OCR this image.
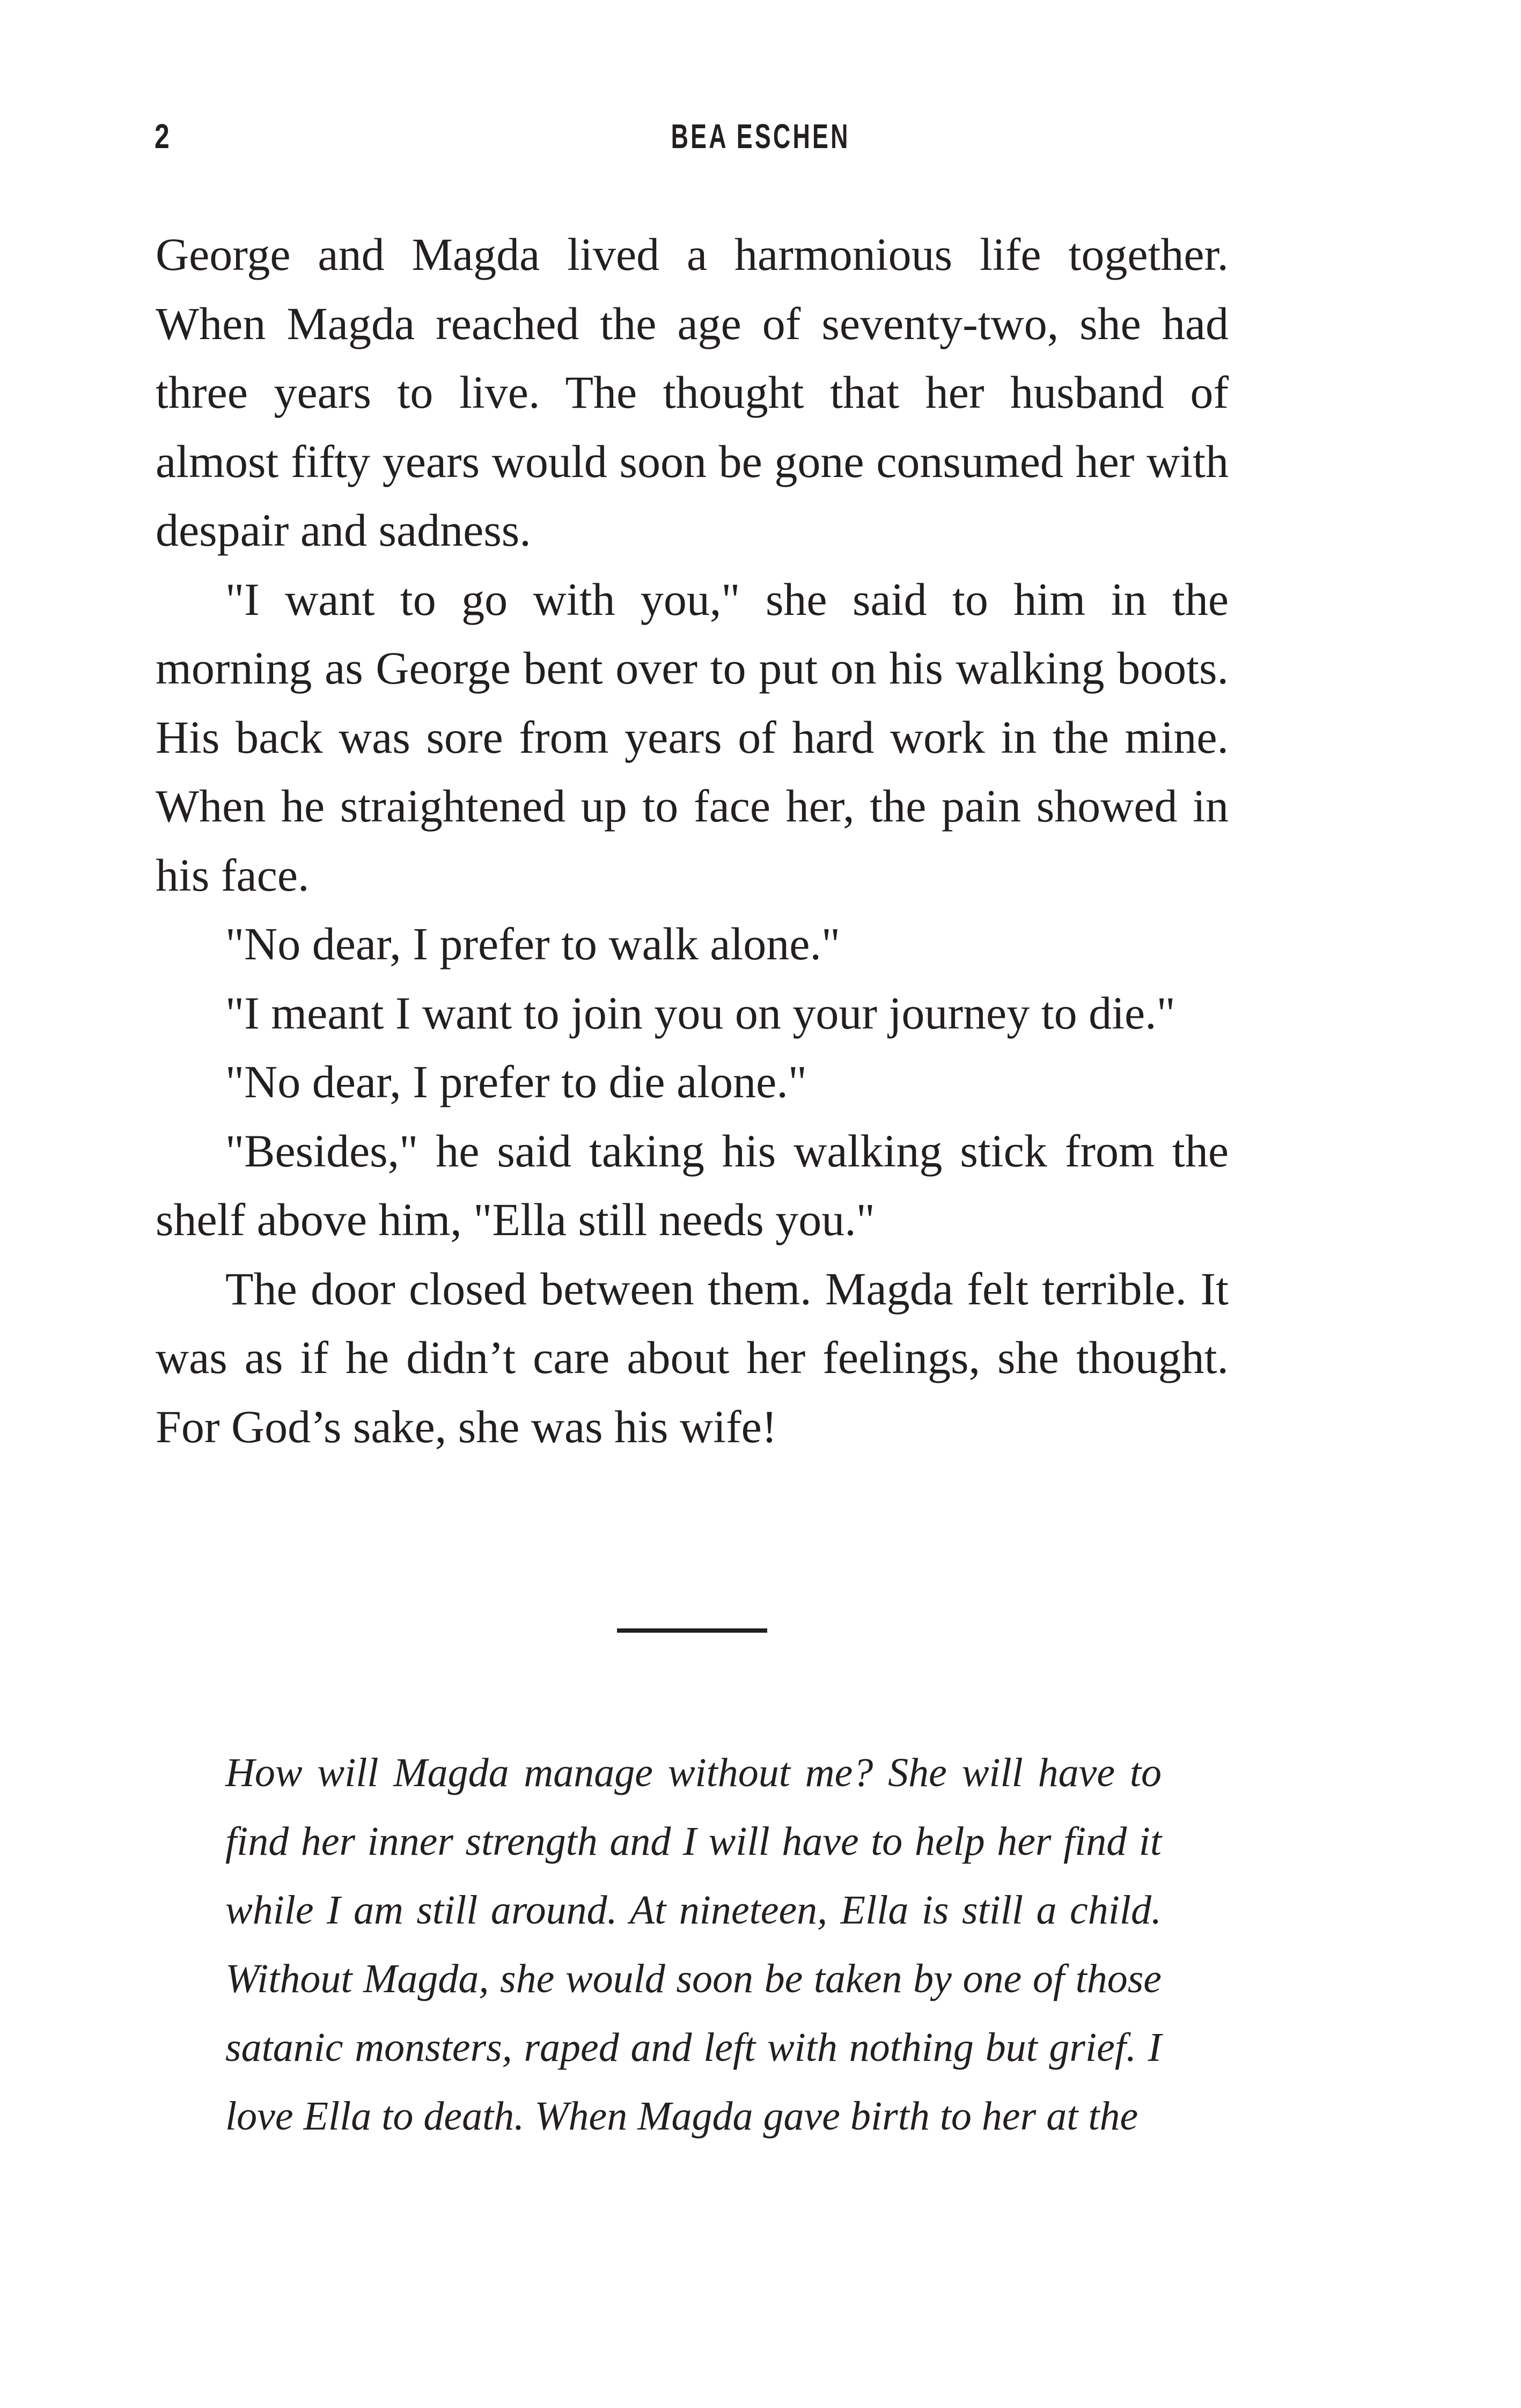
2	BEA ESCHEN

George and Magda lived a harmonious life together. When Magda reached the age of seventy-two, she had three years to live. The thought that her husband of almost fifty years would soon be gone consumed her with despair and sadness.

"I want to go with you," she said to him in the morning as George bent over to put on his walking boots. His back was sore from years of hard work in the mine. When he straightened up to face her, the pain showed in his face.

"No dear, I prefer to walk alone."

"I meant I want to join you on your journey to die."

"No dear, I prefer to die alone."

"Besides," he said taking his walking stick from the shelf above him, "Ella still needs you."

The door closed between them. Magda felt terrible. It was as if he didn’t care about her feelings, she thought. For God’s sake, she was his wife!

How will Magda manage without me? She will have to find her inner strength and I will have to help her find it while I am still around. At nineteen, Ella is still a child. Without Magda, she would soon be taken by one of those satanic monsters, raped and left with nothing but grief. I love Ella to death. When Magda gave birth to her at the
